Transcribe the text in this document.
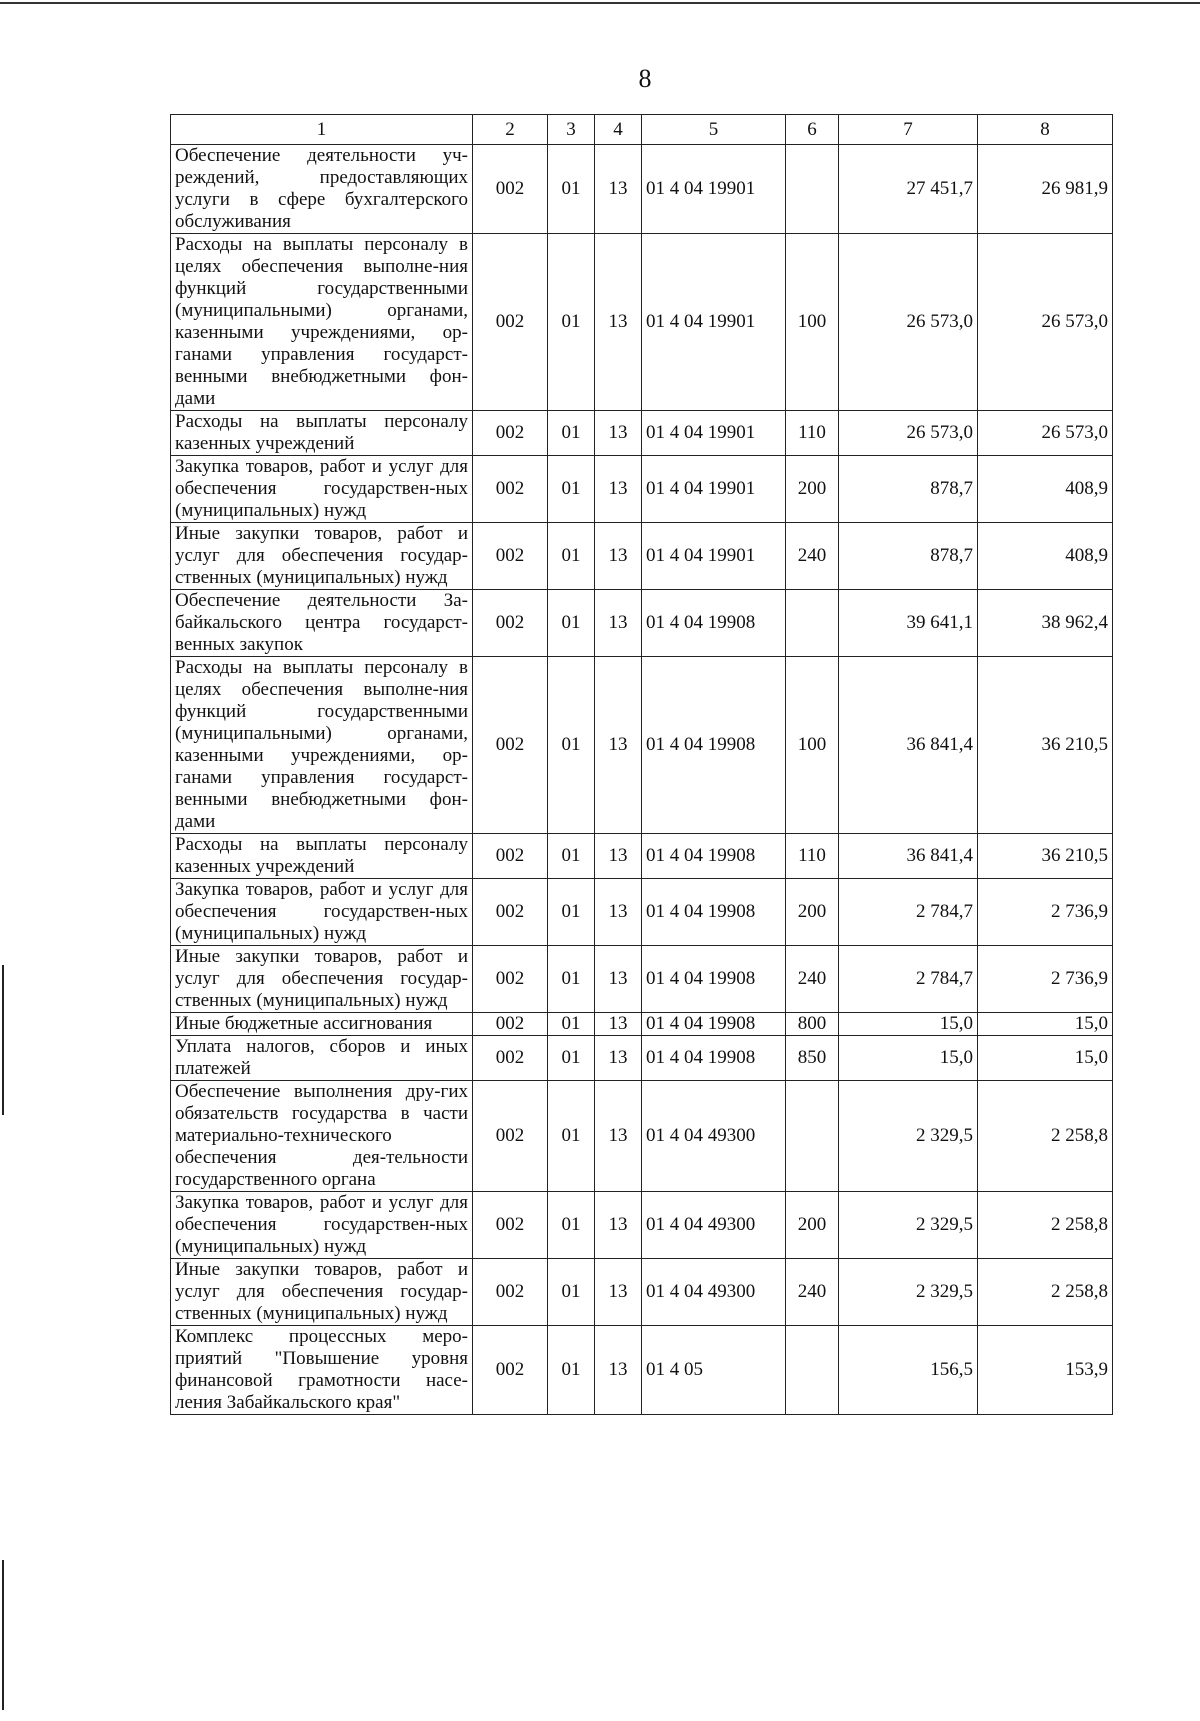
8
1	2	3	4	5	6	7	8
Обеспечение деятельности уч-реждений, предоставляющих услуги в сфере бухгалтерского обслуживания	002	01	13	01 4 04 19901		27 451,7	26 981,9
Расходы на выплаты персоналу в целях обеспечения выполне-ния функций государственными (муниципальными) органами, казенными учреждениями, ор-ганами управления государст-венными внебюджетными фон-дами	002	01	13	01 4 04 19901	100	26 573,0	26 573,0
Расходы на выплаты персоналу казенных учреждений	002	01	13	01 4 04 19901	110	26 573,0	26 573,0
Закупка товаров, работ и услуг для обеспечения государствен-ных (муниципальных) нужд	002	01	13	01 4 04 19901	200	878,7	408,9
Иные закупки товаров, работ и услуг для обеспечения государ-ственных (муниципальных) нужд	002	01	13	01 4 04 19901	240	878,7	408,9
Обеспечение деятельности За-байкальского центра государст-венных закупок	002	01	13	01 4 04 19908		39 641,1	38 962,4
Расходы на выплаты персоналу в целях обеспечения выполне-ния функций государственными (муниципальными) органами, казенными учреждениями, ор-ганами управления государст-венными внебюджетными фон-дами	002	01	13	01 4 04 19908	100	36 841,4	36 210,5
Расходы на выплаты персоналу казенных учреждений	002	01	13	01 4 04 19908	110	36 841,4	36 210,5
Закупка товаров, работ и услуг для обеспечения государствен-ных (муниципальных) нужд	002	01	13	01 4 04 19908	200	2 784,7	2 736,9
Иные закупки товаров, работ и услуг для обеспечения государ-ственных (муниципальных) нужд	002	01	13	01 4 04 19908	240	2 784,7	2 736,9
Иные бюджетные ассигнования	002	01	13	01 4 04 19908	800	15,0	15,0
Уплата налогов, сборов и иных платежей	002	01	13	01 4 04 19908	850	15,0	15,0
Обеспечение выполнения дру-гих обязательств государства в части материально-технического обеспечения дея-тельности государственного органа	002	01	13	01 4 04 49300		2 329,5	2 258,8
Закупка товаров, работ и услуг для обеспечения государствен-ных (муниципальных) нужд	002	01	13	01 4 04 49300	200	2 329,5	2 258,8
Иные закупки товаров, работ и услуг для обеспечения государ-ственных (муниципальных) нужд	002	01	13	01 4 04 49300	240	2 329,5	2 258,8
Комплекс процессных меро-приятий "Повышение уровня финансовой грамотности насе-ления Забайкальского края"	002	01	13	01 4 05		156,5	153,9
